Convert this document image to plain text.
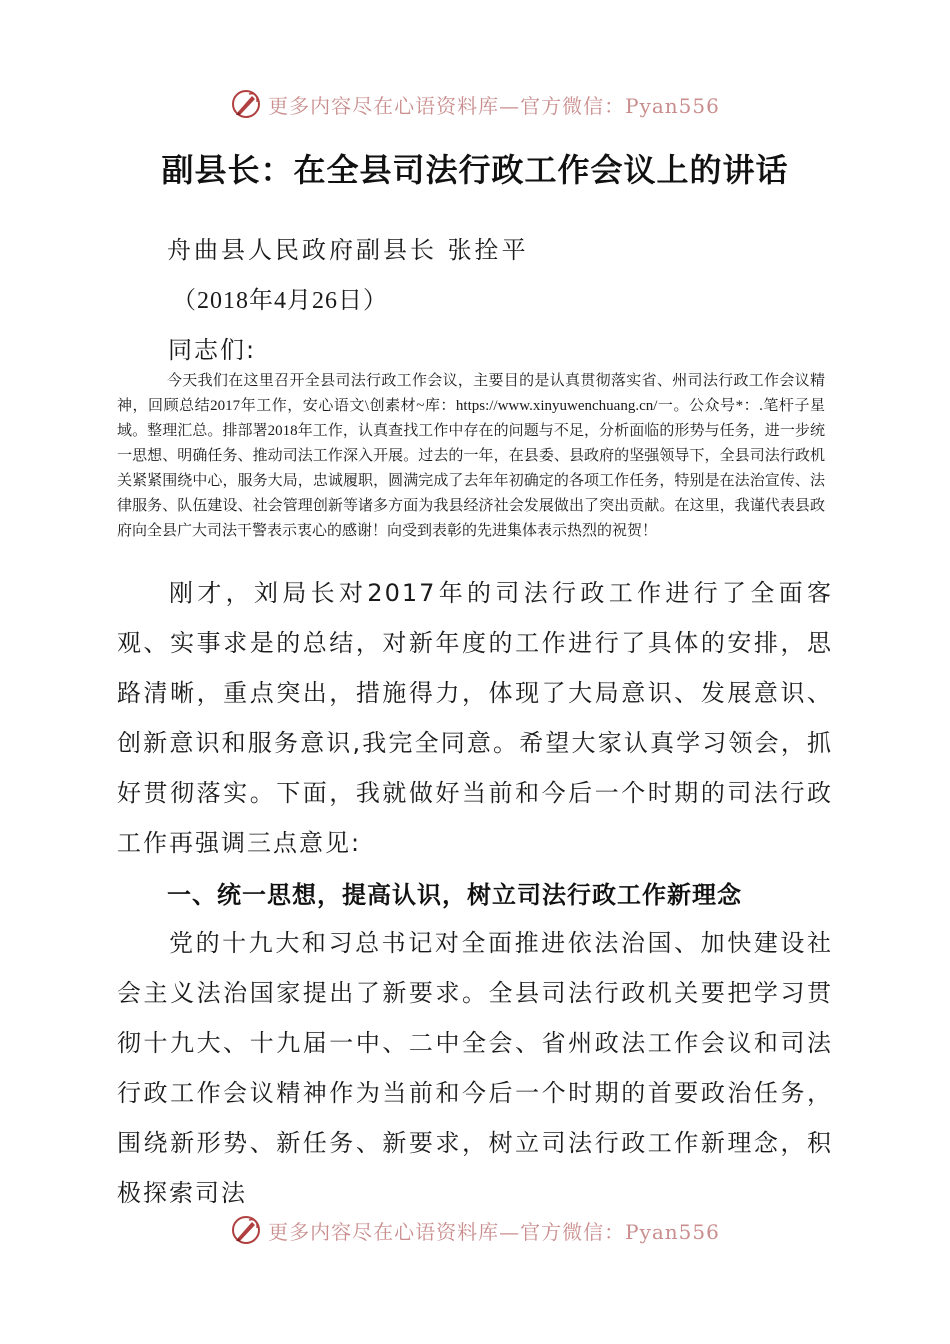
更多内容尽在心语资料库—官方微信：Pyan556
副县长：在全县司法行政工作会议上的讲话
舟曲县人民政府副县长 张拴平
（2018年4月26日）
同志们:

今天我们在这里召开全县司法行政工作会议，主要目的是认真贯彻落实省、州司法行政工作会议精神，回顾总结2017年工作，安心语文\创素材~库：https://www.xinyuwenchuang.cn/一。公众号*：.笔杆子星域。整理汇总。排部署2018年工作，认真查找工作中存在的问题与不足，分析面临的形势与任务，进一步统一思想、明确任务、推动司法工作深入开展。过去的一年，在县委、县政府的坚强领导下，全县司法行政机关紧紧围绕中心，服务大局，忠诚履职，圆满完成了去年年初确定的各项工作任务，特别是在法治宣传、法律服务、队伍建设、社会管理创新等诸多方面为我县经济社会发展做出了突出贡献。在这里，我谨代表县政府向全县广大司法干警表示衷心的感谢！向受到表彰的先进集体表示热烈的祝贺！

刚才，刘局长对2017年的司法行政工作进行了全面客观、实事求是的总结，对新年度的工作进行了具体的安排，思路清晰，重点突出，措施得力，体现了大局意识、发展意识、创新意识和服务意识,我完全同意。希望大家认真学习领会，抓好贯彻落实。下面，我就做好当前和今后一个时期的司法行政工作再强调三点意见:

一、统一思想，提高认识，树立司法行政工作新理念

党的十九大和习总书记对全面推进依法治国、加快建设社会主义法治国家提出了新要求。全县司法行政机关要把学习贯彻十九大、十九届一中、二中全会、省州政法工作会议和司法行政工作会议精神作为当前和今后一个时期的首要政治任务，围绕新形势、新任务、新要求，树立司法行政工作新理念，积极探索司法

更多内容尽在心语资料库—官方微信：Pyan556
